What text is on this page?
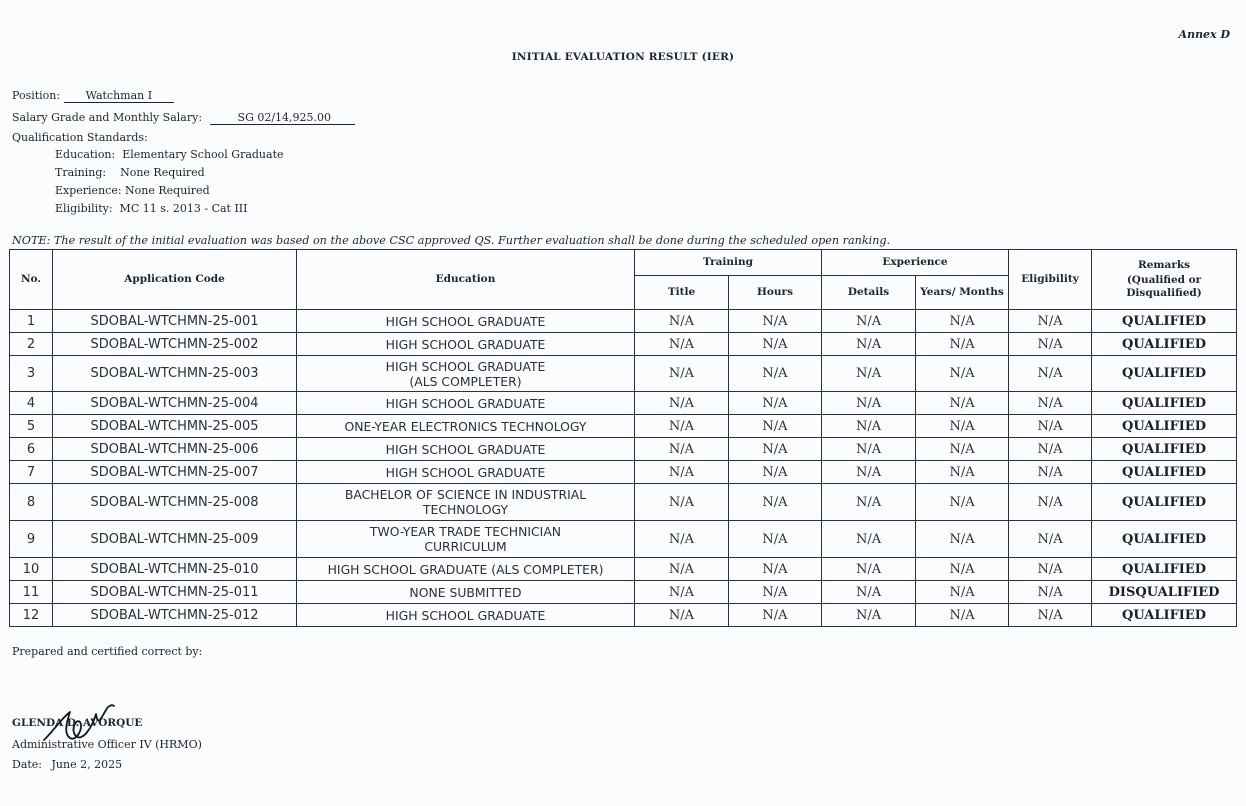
Annex D
INITIAL EVALUATION RESULT (IER)
Position: Watchman I
Salary Grade and Monthly Salary:	SG 02/14,925.00
Qualification Standards:
Education:  Elementary School Graduate
Training:    None Required
Experience: None Required
Eligibility:  MC 11 s. 2013 - Cat III
NOTE: The result of the initial evaluation was based on the above CSC approved QS. Further evaluation shall be done during the scheduled open ranking.
No.	Application Code	Education	Training		Experience		Eligibility	Remarks
(Qualified or Disqualified)

			Title	Hours	Details	Years/ Months		
1	SDOBAL-WTCHMN-25-001	HIGH SCHOOL GRADUATE	N/A	N/A	N/A	N/A	N/A	QUALIFIED
2	SDOBAL-WTCHMN-25-002	HIGH SCHOOL GRADUATE	N/A	N/A	N/A	N/A	N/A	QUALIFIED
3	SDOBAL-WTCHMN-25-003	HIGH SCHOOL GRADUATE
(ALS COMPLETER)	N/A	N/A	N/A	N/A	N/A	QUALIFIED
4	SDOBAL-WTCHMN-25-004	HIGH SCHOOL GRADUATE	N/A	N/A	N/A	N/A	N/A	QUALIFIED
5	SDOBAL-WTCHMN-25-005	ONE-YEAR ELECTRONICS TECHNOLOGY	N/A	N/A	N/A	N/A	N/A	QUALIFIED
6	SDOBAL-WTCHMN-25-006	HIGH SCHOOL GRADUATE	N/A	N/A	N/A	N/A	N/A	QUALIFIED
7	SDOBAL-WTCHMN-25-007	HIGH SCHOOL GRADUATE	N/A	N/A	N/A	N/A	N/A	QUALIFIED
8	SDOBAL-WTCHMN-25-008	BACHELOR OF SCIENCE IN INDUSTRIAL
TECHNOLOGY	N/A	N/A	N/A	N/A	N/A	QUALIFIED
9	SDOBAL-WTCHMN-25-009	TWO-YEAR TRADE TECHNICIAN
CURRICULUM	N/A	N/A	N/A	N/A	N/A	QUALIFIED
10	SDOBAL-WTCHMN-25-010	HIGH SCHOOL GRADUATE (ALS COMPLETER)	N/A	N/A	N/A	N/A	N/A	QUALIFIED
11	SDOBAL-WTCHMN-25-011	NONE SUBMITTED	N/A	N/A	N/A	N/A	N/A	DISQUALIFIED
12	SDOBAL-WTCHMN-25-012	HIGH SCHOOL GRADUATE	N/A	N/A	N/A	N/A	N/A	QUALIFIED
Prepared and certified correct by:
GLENDA D. AVORQUE
Administrative Officer IV (HRMO)
Date: June 2, 2025
